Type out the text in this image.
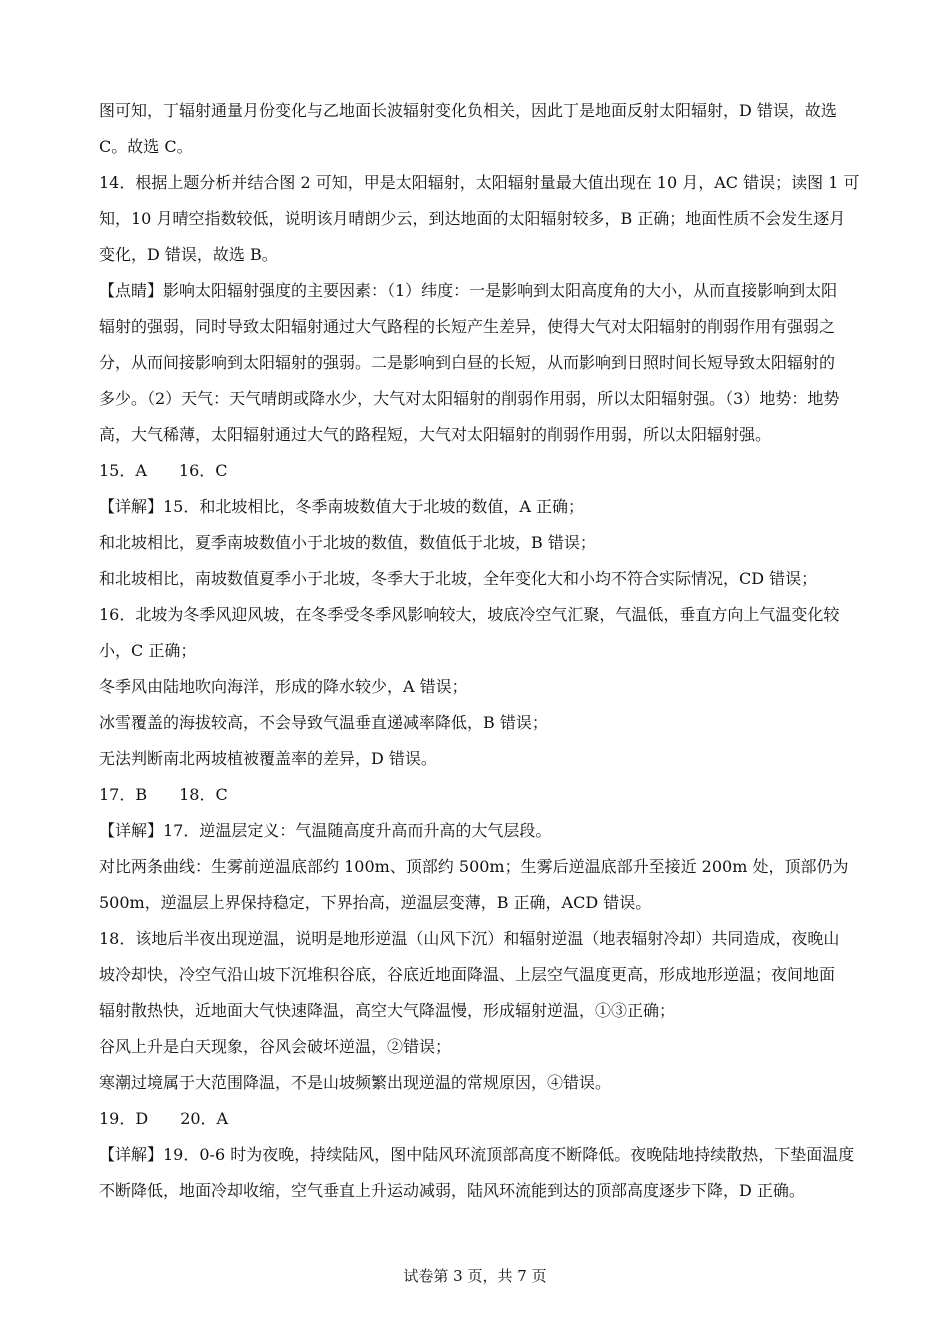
图可知，丁辐射通量月份变化与乙地面长波辐射变化负相关，因此丁是地面反射太阳辐射，D 错误，故选
C。故选 C。
14．根据上题分析并结合图 2 可知，甲是太阳辐射，太阳辐射量最大值出现在 10 月，AC 错误；读图 1 可
知，10 月晴空指数较低，说明该月晴朗少云，到达地面的太阳辐射较多，B 正确；地面性质不会发生逐月
变化，D 错误，故选 B。
【点睛】影响太阳辐射强度的主要因素：（1）纬度：一是影响到太阳高度角的大小，从而直接影响到太阳
辐射的强弱，同时导致太阳辐射通过大气路程的长短产生差异，使得大气对太阳辐射的削弱作用有强弱之
分，从而间接影响到太阳辐射的强弱。二是影响到白昼的长短，从而影响到日照时间长短导致太阳辐射的
多少。（2）天气：天气晴朗或降水少，大气对太阳辐射的削弱作用弱，所以太阳辐射强。（3）地势：地势
高，大气稀薄，太阳辐射通过大气的路程短，大气对太阳辐射的削弱作用弱，所以太阳辐射强。
15．A　　16．C
【详解】15．和北坡相比，冬季南坡数值大于北坡的数值，A 正确；
和北坡相比，夏季南坡数值小于北坡的数值，数值低于北坡，B 错误；
和北坡相比，南坡数值夏季小于北坡，冬季大于北坡，全年变化大和小均不符合实际情况，CD 错误；
16．北坡为冬季风迎风坡，在冬季受冬季风影响较大，坡底冷空气汇聚，气温低，垂直方向上气温变化较
小，C 正确；
冬季风由陆地吹向海洋，形成的降水较少，A 错误；
冰雪覆盖的海拔较高，不会导致气温垂直递减率降低，B 错误；
无法判断南北两坡植被覆盖率的差异，D 错误。
17．B　　18．C
【详解】17．逆温层定义：气温随高度升高而升高的大气层段。
对比两条曲线：生雾前逆温底部约 100m、顶部约 500m；生雾后逆温底部升至接近 200m 处，顶部仍为
500m，逆温层上界保持稳定，下界抬高，逆温层变薄，B 正确，ACD 错误。
18．该地后半夜出现逆温，说明是地形逆温（山风下沉）和辐射逆温（地表辐射冷却）共同造成，夜晚山
坡冷却快，冷空气沿山坡下沉堆积谷底，谷底近地面降温、上层空气温度更高，形成地形逆温；夜间地面
辐射散热快，近地面大气快速降温，高空大气降温慢，形成辐射逆温，①③正确；
谷风上升是白天现象，谷风会破坏逆温，②错误；
寒潮过境属于大范围降温，不是山坡频繁出现逆温的常规原因，④错误。
19．D　　20．A
【详解】19．0-6 时为夜晚，持续陆风，图中陆风环流顶部高度不断降低。夜晚陆地持续散热，下垫面温度
不断降低，地面冷却收缩，空气垂直上升运动减弱，陆风环流能到达的顶部高度逐步下降，D 正确。
试卷第 3 页，共 7 页
